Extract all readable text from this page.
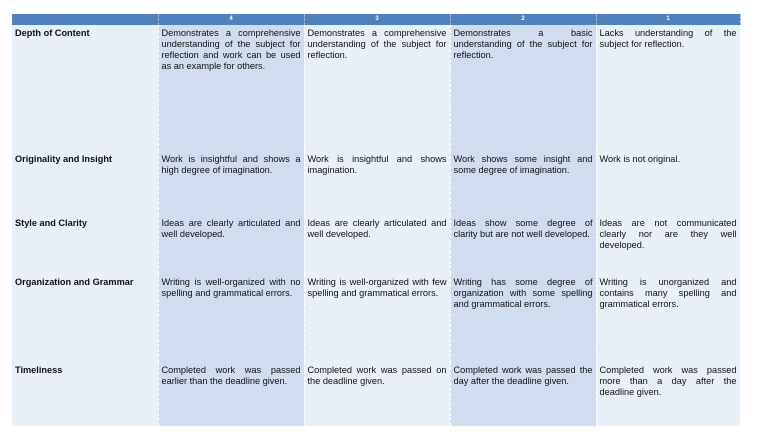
	4	3	2	1
Depth of Content	Demonstrates a comprehensive understanding of the subject for reflection and work can be used as an example for others.	Demonstrates a comprehensive understanding of the subject for reflection.	Demonstrates a basic understanding of the subject for reflection.	Lacks understanding of the subject for reflection.
Originality and Insight	Work is insightful and shows a high degree of imagination.	Work is insightful and shows imagination.	Work shows some insight and some degree of imagination.	Work is not original.
Style and Clarity	Ideas are clearly articulated and well developed.	Ideas are clearly articulated and well developed.	Ideas show some degree of clarity but are not well developed.	Ideas are not communicated clearly nor are they well developed.
Organization and Grammar	Writing is well-organized with no spelling and grammatical errors.	Writing is well-organized with few spelling and grammatical errors.	Writing has some degree of organization with some spelling and grammatical errors.	Writing is unorganized and contains many spelling and grammatical errors.
Timeliness	Completed work was passed earlier than the deadline given.	Completed work was passed on the deadline given.	Completed work was passed the day after the deadline given.	Completed work was passed more than a day after the deadline given.
